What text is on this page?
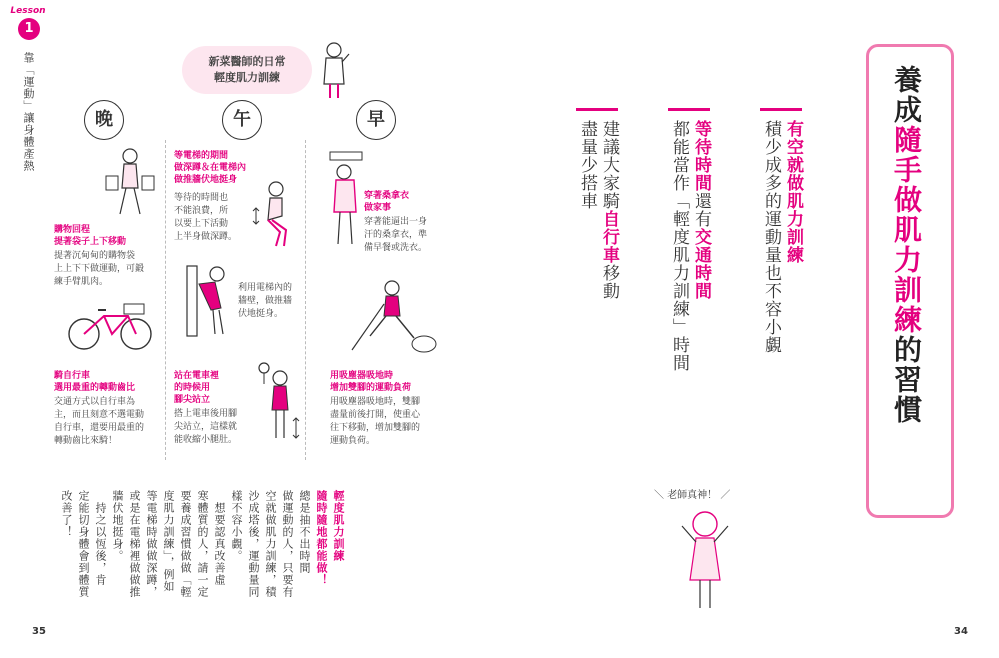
Lesson
1
靠「運動」讓身體產熱	新菜醫師的日常
輕度肌力訓練
晚	午	早
等電梯的期間
做深蹲＆在電梯內
做推牆伏地挺身
等待的時間也
不能浪費，所
以要上下活動
上半身做深蹲。
利用電梯內的
牆壁，做推牆
伏地挺身。
購物回程
提著袋子上下移動
提著沉甸甸的購物袋
上上下下做運動，可鍛
練手臂肌肉。
騎自行車
選用最重的轉動齒比
交通方式以自行車為
主，而且刻意不選電動
自行車，還要用最重的
轉動齒比來騎！
站在電車裡
的時候用
腳尖站立
搭上電車後用腳
尖站立，這樣就
能收縮小腿肚。
穿著桑拿衣
做家事
穿著能逼出一身
汗的桑拿衣，準
備早餐或洗衣。
用吸塵器吸地時
增加雙腳的運動負荷
用吸塵器吸地時，雙腳
盡量前後打開，使重心
往下移動，增加雙腳的
運動負荷。
輕度肌力訓練
隨時隨地都能做！
總是抽不出時間
做運動的人，只要有
空就做肌力訓練，積
沙成塔後，運動量同
樣不容小覷。
　想要認真改善虛
寒體質的人，請一定
要養成習慣做做「輕
度肌力訓練」，例如
等電梯時做做深蹲，
或是在電梯裡做做推
牆伏地挺身。
　持之以恆後，肯
定能切身體會到體質
改善了！
35
養成隨手做肌力訓練的習慣
有空就做肌力訓練
積少成多的運動量也不容小覷
等待時間還有交通時間
都能當作「輕度肌力訓練」時間
建議大家騎自行車移動
盡量少搭車
＼ 老師真神！ ／
34
